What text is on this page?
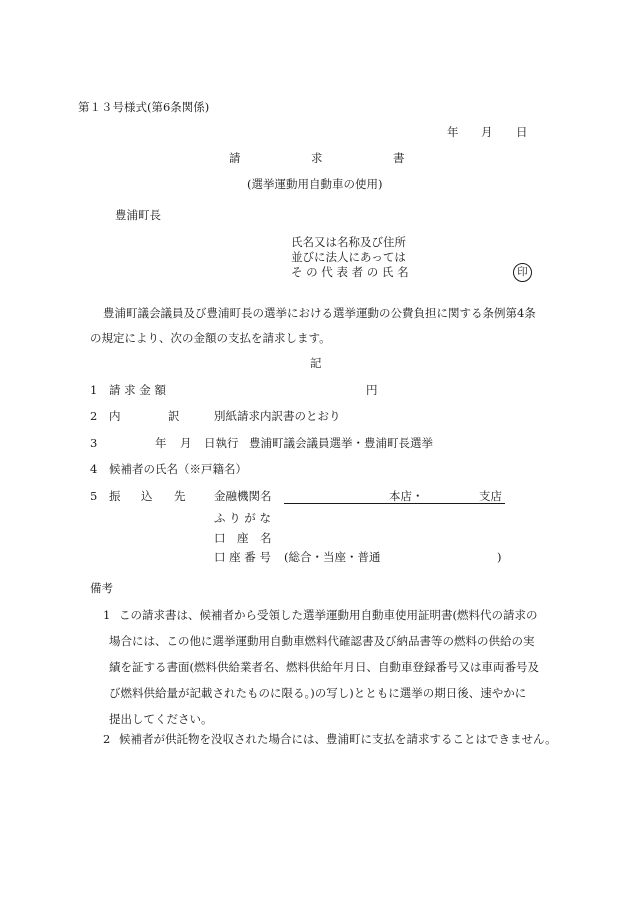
第１３号様式(第6条関係)
年 月 日
請	求	書
(選挙運動用自動車の使用)
豊浦町長
氏名又は名称及び住所
並びに法人にあっては
そ の 代 表 者 の 氏 名	印
豊浦町議会議員及び豊浦町長の選挙における選挙運動の公費負担に関する条例第4条
の規定により、次の金額の支払を請求します。
記
1 請 求 金 額	円
2 内	訳	別紙請求内訳書のとおり
3	年 月 日執行 豊浦町議会議員選挙・豊浦町長選挙
4 候補者の氏名（※戸籍名）
5 振 込 先 金融機関名	本店・	支店
ふ り が な
口　座　名
口 座 番 号 (総合・当座・普通	)
備考
1 この請求書は、候補者から受領した選挙運動用自動車使用証明書(燃料代の請求の
場合には、この他に選挙運動用自動車燃料代確認書及び納品書等の燃料の供給の実
績を証する書面(燃料供給業者名、燃料供給年月日、自動車登録番号又は車両番号及
び燃料供給量が記載されたものに限る。)の写し)とともに選挙の期日後、速やかに
提出してください。
2 候補者が供託物を没収された場合には、豊浦町に支払を請求することはできません。
